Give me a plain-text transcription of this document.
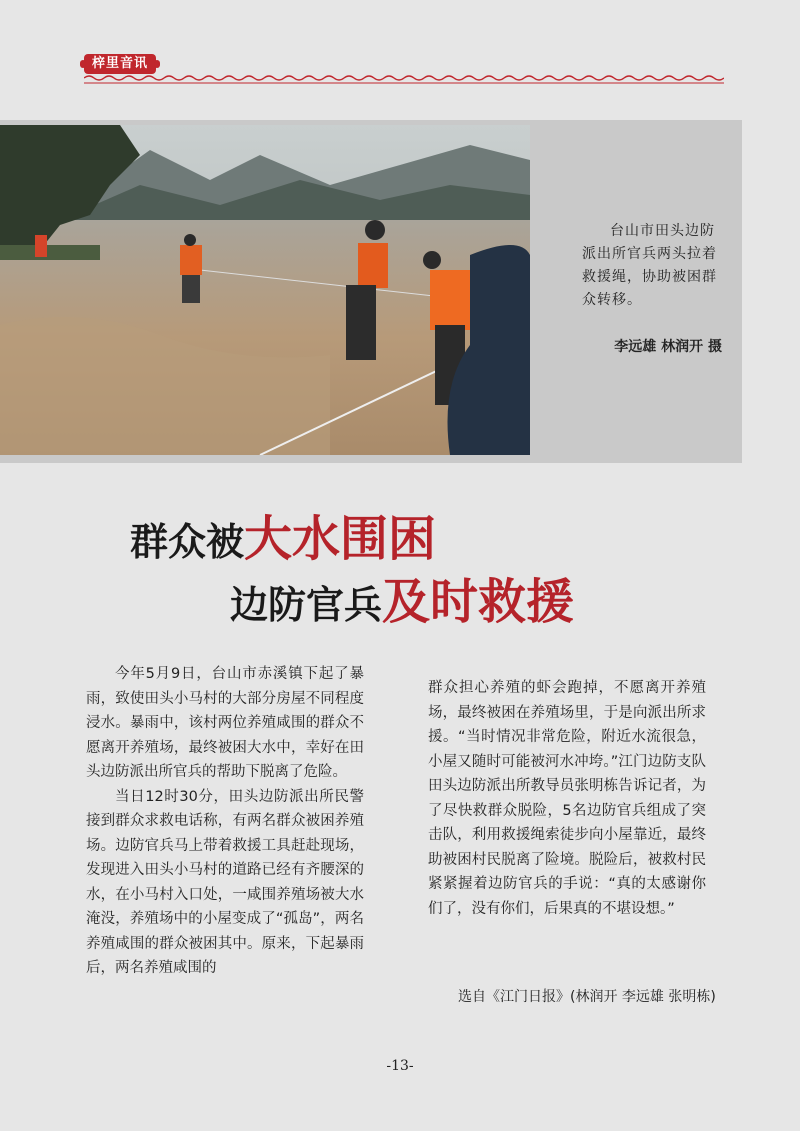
梓里音讯
台山市田头边防派出所官兵两头拉着救援绳，协助被困群众转移。
李远雄 林润开 摄
群众被大水围困
边防官兵及时救援

今年5月9日，台山市赤溪镇下起了暴雨，致使田头小马村的大部分房屋不同程度浸水。暴雨中，该村两位养殖咸围的群众不愿离开养殖场，最终被困大水中，幸好在田头边防派出所官兵的帮助下脱离了危险。

当日12时30分，田头边防派出所民警接到群众求救电话称，有两名群众被困养殖场。边防官兵马上带着救援工具赶赴现场，发现进入田头小马村的道路已经有齐腰深的水，在小马村入口处，一咸围养殖场被大水淹没，养殖场中的小屋变成了“孤岛”，两名养殖咸围的群众被困其中。原来，下起暴雨后，两名养殖咸围的

群众担心养殖的虾会跑掉，不愿离开养殖场，最终被困在养殖场里，于是向派出所求援。“当时情况非常危险，附近水流很急，小屋又随时可能被河水冲垮。”江门边防支队田头边防派出所教导员张明栋告诉记者，为了尽快救群众脱险，5名边防官兵组成了突击队，利用救援绳索徒步向小屋靠近，最终助被困村民脱离了险境。脱险后，被救村民紧紧握着边防官兵的手说：“真的太感谢你们了，没有你们，后果真的不堪设想。”

选自《江门日报》(林润开 李远雄 张明栋)
-13-
